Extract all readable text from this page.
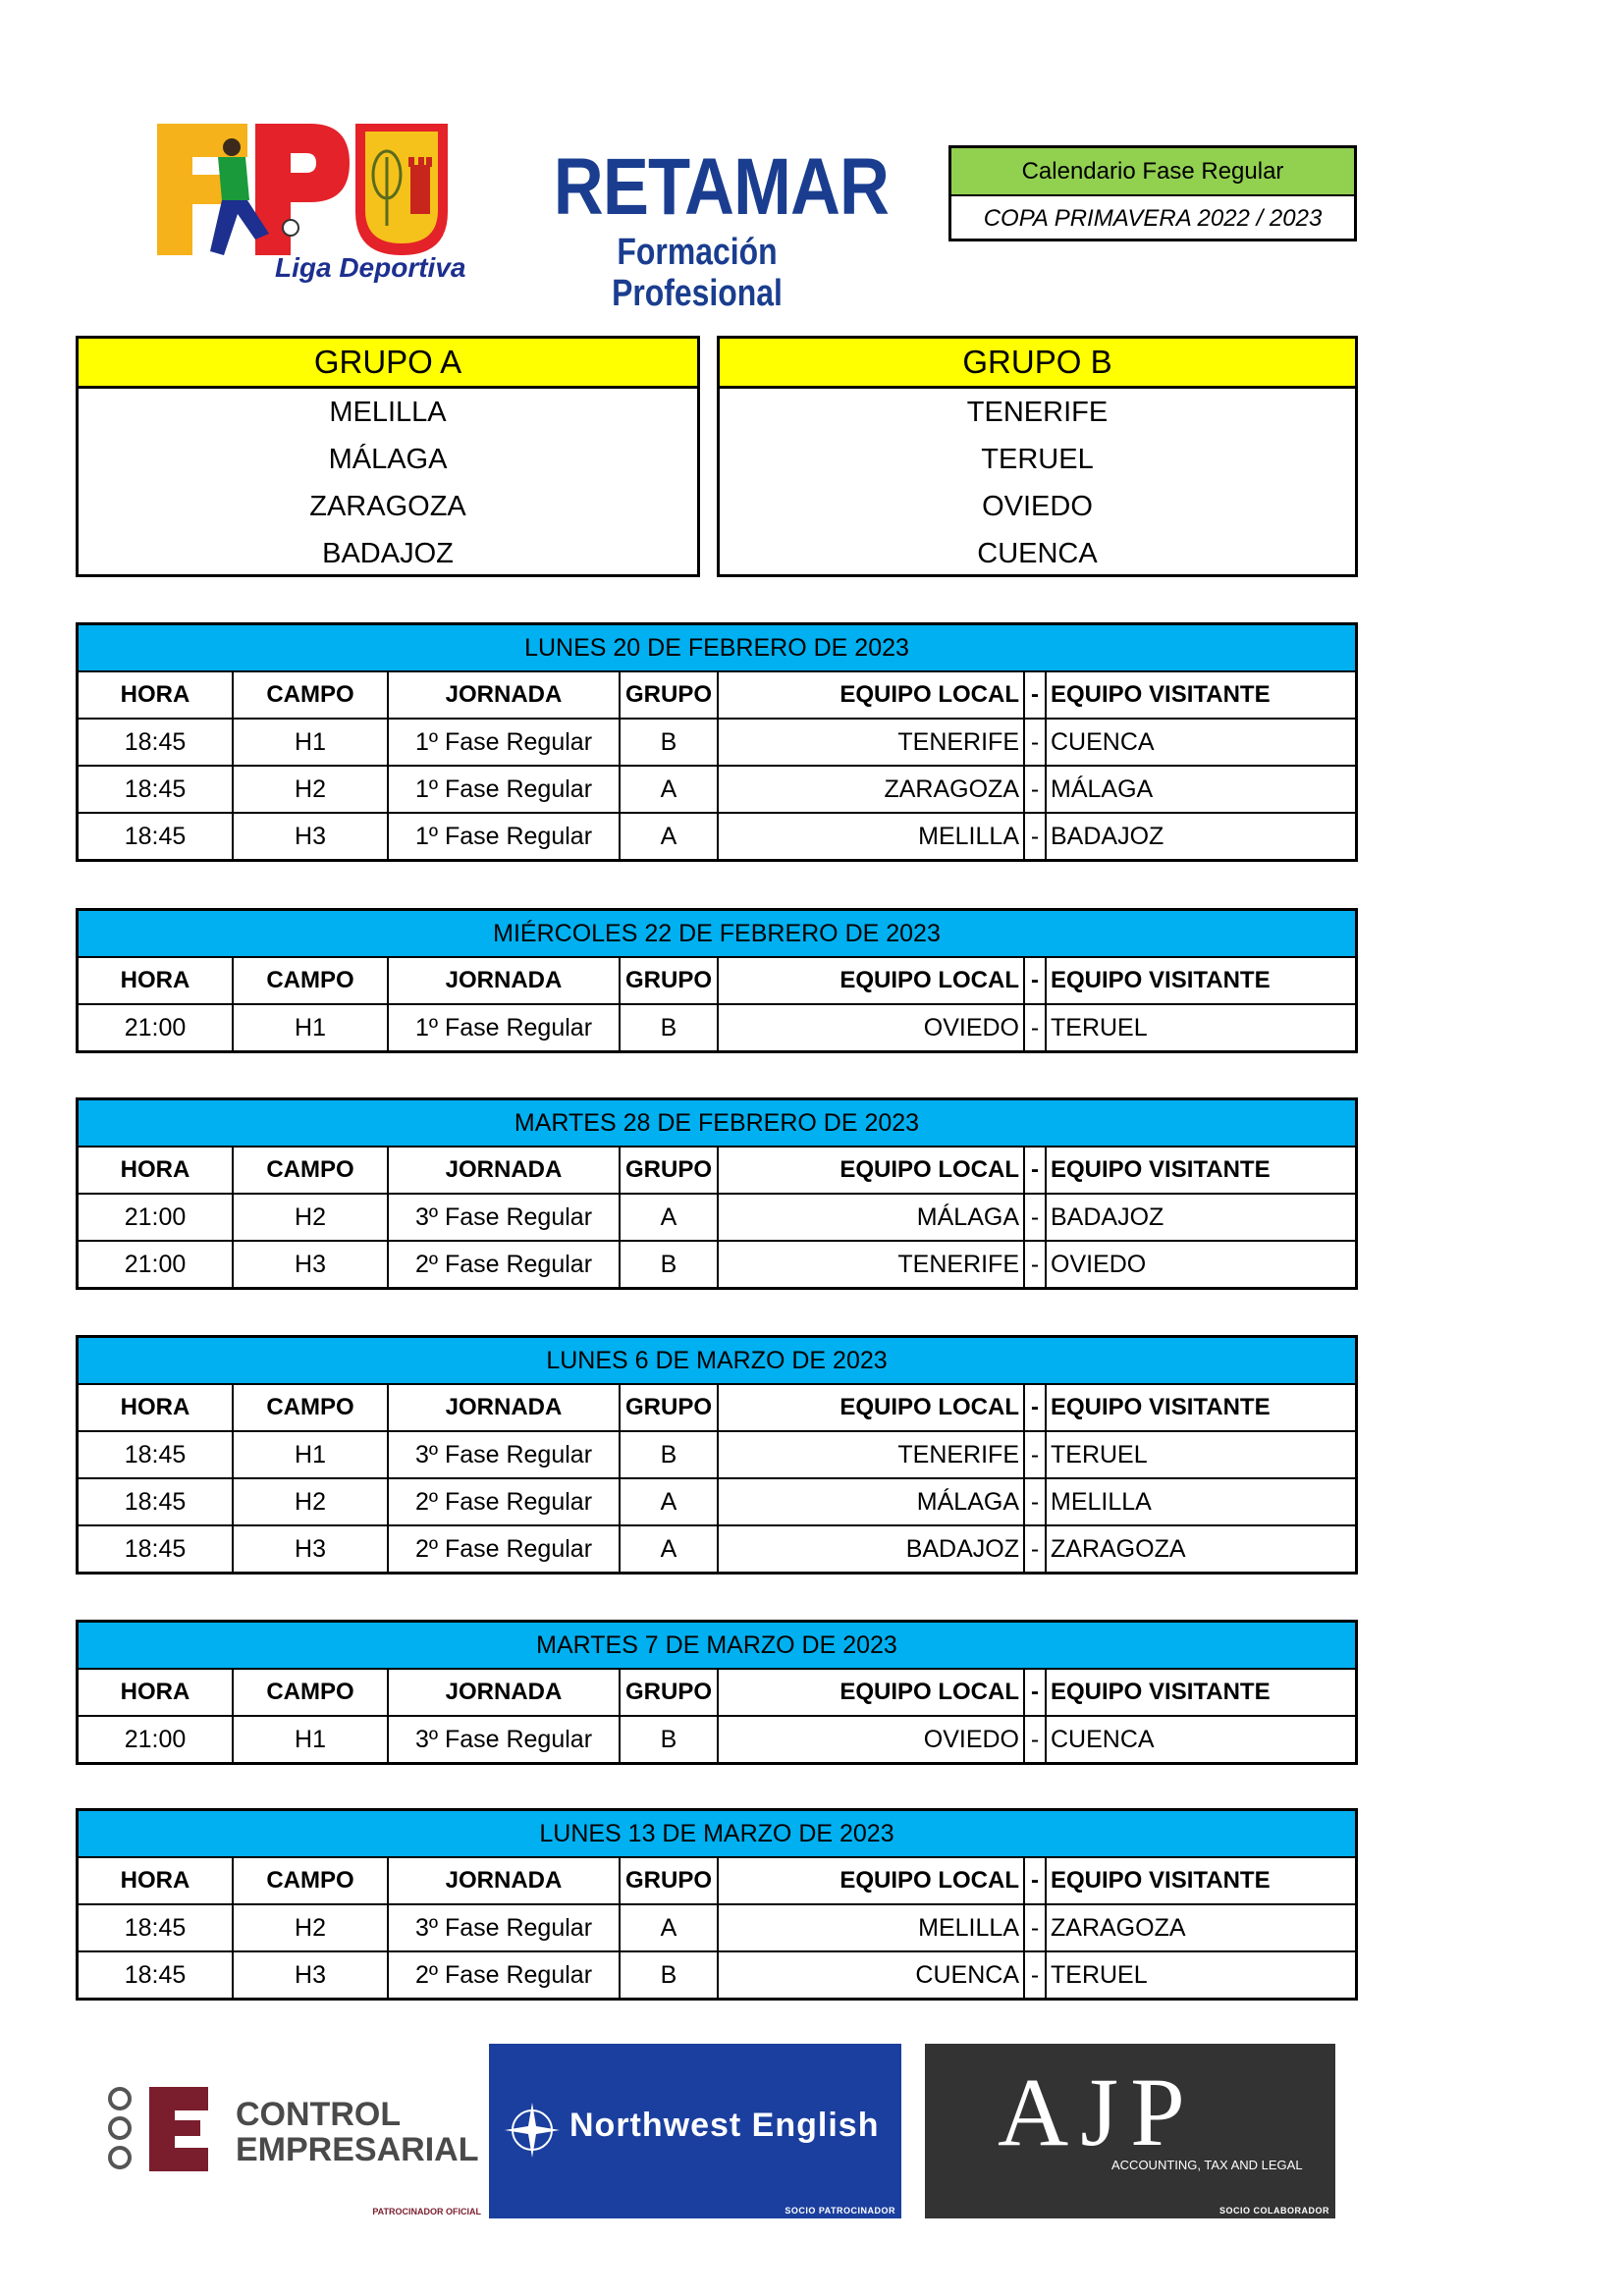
Liga Deportiva
RETAMAR
Formación Profesional
Calendario Fase Regular
COPA PRIMAVERA 2022 / 2023
GRUPO A
MELILLA
MÁLAGA
ZARAGOZA
BADAJOZ
GRUPO B
TENERIFE
TERUEL
OVIEDO
CUENCA
LUNES 20 DE FEBRERO DE 2023
HORA	CAMPO	JORNADA	GRUPO	EQUIPO LOCAL - EQUIPO VISITANTE
18:45	H1	1º Fase Regular	B	TENERIFE - CUENCA
18:45	H2	1º Fase Regular	A	ZARAGOZA - MÁLAGA
18:45	H3	1º Fase Regular	A	MELILLA - BADAJOZ
MIÉRCOLES 22 DE FEBRERO DE 2023
HORA	CAMPO	JORNADA	GRUPO	EQUIPO LOCAL - EQUIPO VISITANTE
21:00	H1	1º Fase Regular	B	OVIEDO - TERUEL
MARTES 28 DE FEBRERO DE 2023
HORA	CAMPO	JORNADA	GRUPO	EQUIPO LOCAL - EQUIPO VISITANTE
21:00	H2	3º Fase Regular	A	MÁLAGA - BADAJOZ
21:00	H3	2º Fase Regular	B	TENERIFE - OVIEDO
LUNES 6 DE MARZO DE 2023
HORA	CAMPO	JORNADA	GRUPO	EQUIPO LOCAL - EQUIPO VISITANTE
18:45	H1	3º Fase Regular	B	TENERIFE - TERUEL
18:45	H2	2º Fase Regular	A	MÁLAGA - MELILLA
18:45	H3	2º Fase Regular	A	BADAJOZ - ZARAGOZA
MARTES 7 DE MARZO DE 2023
HORA	CAMPO	JORNADA	GRUPO	EQUIPO LOCAL - EQUIPO VISITANTE
21:00	H1	3º Fase Regular	B	OVIEDO - CUENCA
LUNES 13 DE MARZO DE 2023
HORA	CAMPO	JORNADA	GRUPO	EQUIPO LOCAL - EQUIPO VISITANTE
18:45	H2	3º Fase Regular	A	MELILLA - ZARAGOZA
18:45	H3	2º Fase Regular	B	CUENCA - TERUEL
CONTROL
EMPRESARIAL
PATROCINADOR OFICIAL
Northwest English
SOCIO PATROCINADOR
AJP
ACCOUNTING, TAX AND LEGAL
SOCIO COLABORADOR
